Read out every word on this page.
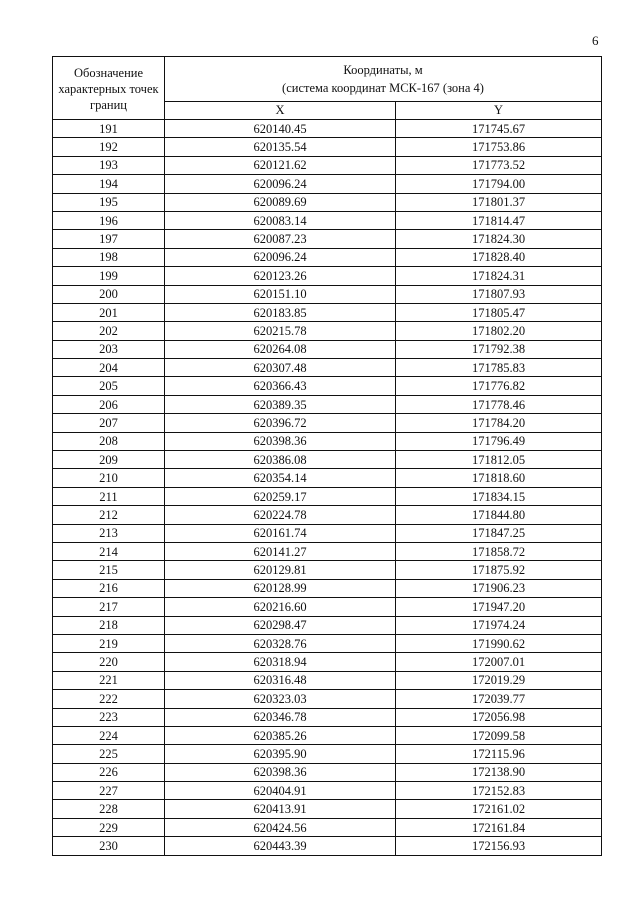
6
Обозначение характерных точек границ	Координаты, м
(система координат МСК-167 (зона 4)	

	X	Y
191	620140.45	171745.67
192	620135.54	171753.86
193	620121.62	171773.52
194	620096.24	171794.00
195	620089.69	171801.37
196	620083.14	171814.47
197	620087.23	171824.30
198	620096.24	171828.40
199	620123.26	171824.31
200	620151.10	171807.93
201	620183.85	171805.47
202	620215.78	171802.20
203	620264.08	171792.38
204	620307.48	171785.83
205	620366.43	171776.82
206	620389.35	171778.46
207	620396.72	171784.20
208	620398.36	171796.49
209	620386.08	171812.05
210	620354.14	171818.60
211	620259.17	171834.15
212	620224.78	171844.80
213	620161.74	171847.25
214	620141.27	171858.72
215	620129.81	171875.92
216	620128.99	171906.23
217	620216.60	171947.20
218	620298.47	171974.24
219	620328.76	171990.62
220	620318.94	172007.01
221	620316.48	172019.29
222	620323.03	172039.77
223	620346.78	172056.98
224	620385.26	172099.58
225	620395.90	172115.96
226	620398.36	172138.90
227	620404.91	172152.83
228	620413.91	172161.02
229	620424.56	172161.84
230	620443.39	172156.93
